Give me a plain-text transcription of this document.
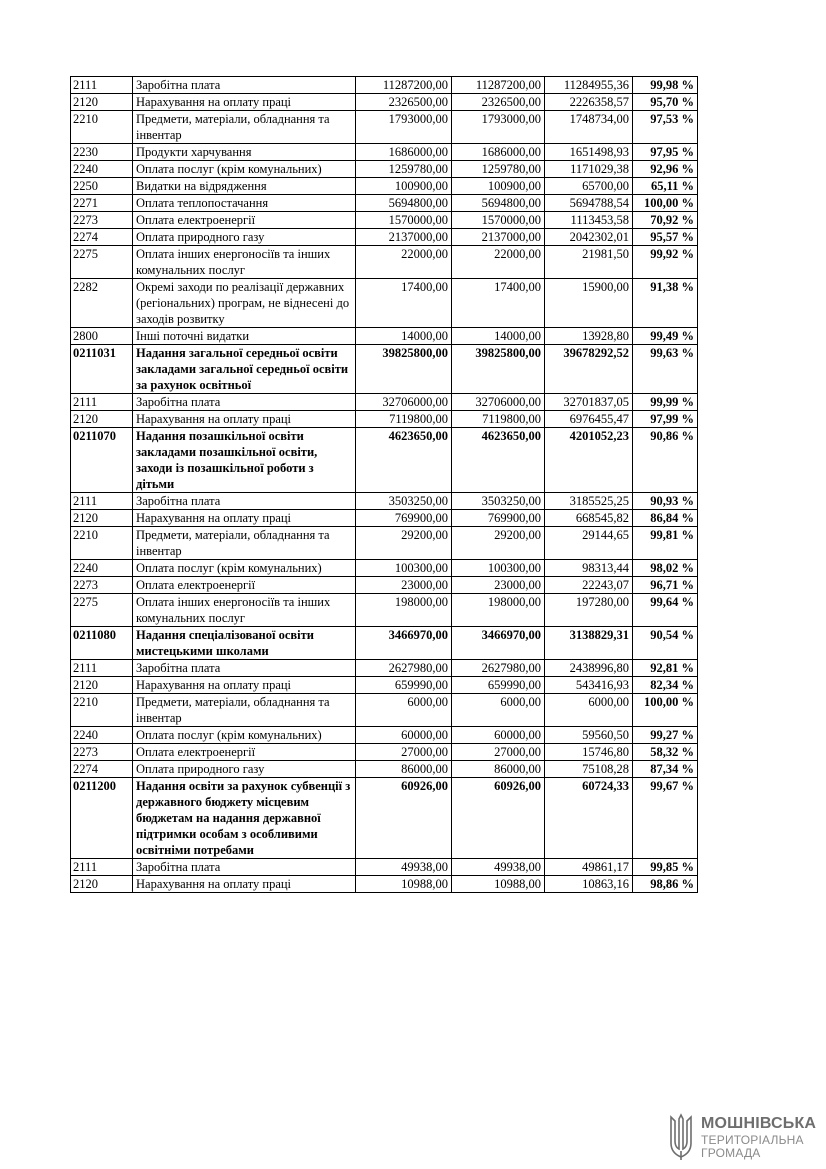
2111	Заробітна плата	11287200,00	11287200,00	11284955,36	99,98 %
2120	Нарахування на оплату праці	2326500,00	2326500,00	2226358,57	95,70 %
2210	Предмети, матеріали, обладнання та інвентар	1793000,00	1793000,00	1748734,00	97,53 %
2230	Продукти харчування	1686000,00	1686000,00	1651498,93	97,95 %
2240	Оплата послуг (крім комунальних)	1259780,00	1259780,00	1171029,38	92,96 %
2250	Видатки на відрядження	100900,00	100900,00	65700,00	65,11 %
2271	Оплата теплопостачання	5694800,00	5694800,00	5694788,54	100,00 %
2273	Оплата електроенергії	1570000,00	1570000,00	1113453,58	70,92 %
2274	Оплата природного газу	2137000,00	2137000,00	2042302,01	95,57 %
2275	Оплата інших енергоносіїв та інших комунальних послуг	22000,00	22000,00	21981,50	99,92 %
2282	Окремі заходи по реалізації державних (регіональних) програм, не віднесені до заходів розвитку	17400,00	17400,00	15900,00	91,38 %
2800	Інші поточні видатки	14000,00	14000,00	13928,80	99,49 %
0211031	Надання загальної середньої освіти закладами загальної середньої освіти за рахунок освітньої	39825800,00	39825800,00	39678292,52	99,63 %
2111	Заробітна плата	32706000,00	32706000,00	32701837,05	99,99 %
2120	Нарахування на оплату праці	7119800,00	7119800,00	6976455,47	97,99 %
0211070	Надання позашкільної освіти закладами позашкільної освіти, заходи із позашкільної роботи з дітьми	4623650,00	4623650,00	4201052,23	90,86 %
2111	Заробітна плата	3503250,00	3503250,00	3185525,25	90,93 %
2120	Нарахування на оплату праці	769900,00	769900,00	668545,82	86,84 %
2210	Предмети, матеріали, обладнання та інвентар	29200,00	29200,00	29144,65	99,81 %
2240	Оплата послуг (крім комунальних)	100300,00	100300,00	98313,44	98,02 %
2273	Оплата електроенергії	23000,00	23000,00	22243,07	96,71 %
2275	Оплата інших енергоносіїв та інших комунальних послуг	198000,00	198000,00	197280,00	99,64 %
0211080	Надання спеціалізованої освіти мистецькими школами	3466970,00	3466970,00	3138829,31	90,54 %
2111	Заробітна плата	2627980,00	2627980,00	2438996,80	92,81 %
2120	Нарахування на оплату праці	659990,00	659990,00	543416,93	82,34 %
2210	Предмети, матеріали, обладнання та інвентар	6000,00	6000,00	6000,00	100,00 %
2240	Оплата послуг (крім комунальних)	60000,00	60000,00	59560,50	99,27 %
2273	Оплата електроенергії	27000,00	27000,00	15746,80	58,32 %
2274	Оплата природного газу	86000,00	86000,00	75108,28	87,34 %
0211200	Надання освіти за рахунок субвенції з державного бюджету місцевим бюджетам на надання державної підтримки особам з особливими освітніми потребами	60926,00	60926,00	60724,33	99,67 %
2111	Заробітна плата	49938,00	49938,00	49861,17	99,85 %
2120	Нарахування на оплату праці	10988,00	10988,00	10863,16	98,86 %
МОШНІВСЬКА
ТЕРИТОРІАЛЬНА
ГРОМАДА
